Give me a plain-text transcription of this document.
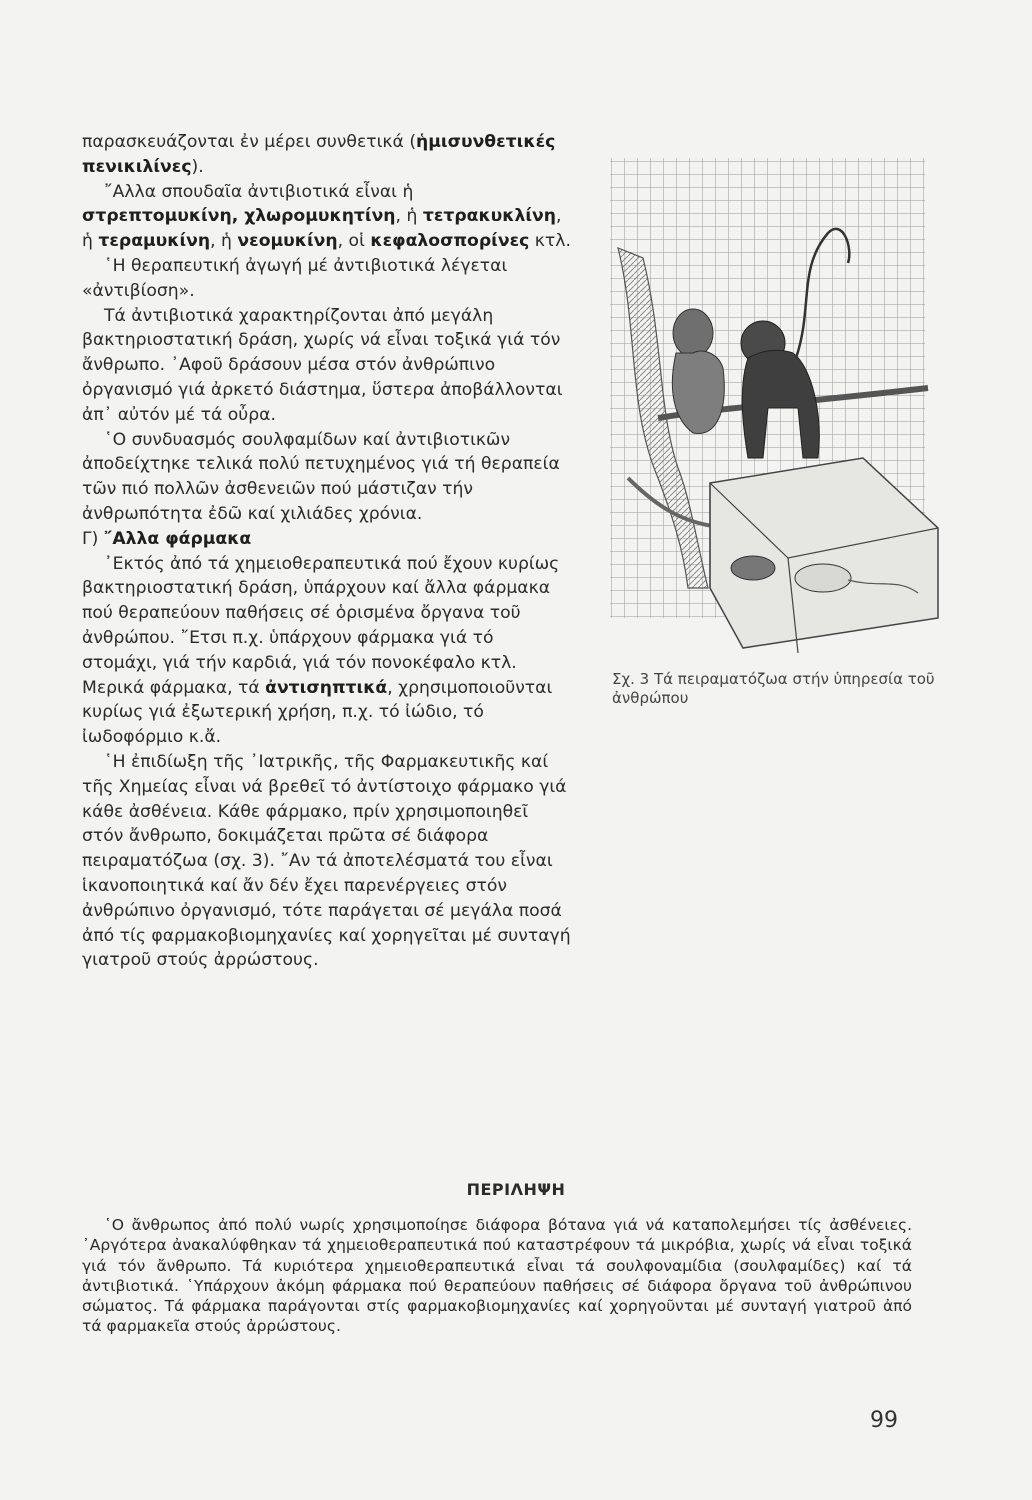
παρασκευάζονται ἐν μέρει συνθετικά (ἡμισυνθετικές πενικιλίνες).

῎Αλλα σπουδαῖα ἀντιβιοτικά εἶναι ἡ στρεπτομυκίνη, χλωρομυκητίνη, ἡ τετρακυκλίνη, ἡ τεραμυκίνη, ἡ νεομυκίνη, οἱ κεφαλοσπορίνες κτλ.

῾Η θεραπευτική ἀγωγή μέ ἀντιβιοτικά λέγεται «ἀντιβίοση».

Τά ἀντιβιοτικά χαρακτηρίζονται ἀπό μεγάλη βακτηριοστατική δράση, χωρίς νά εἶναι τοξικά γιά τόν ἄνθρωπο. ᾿Αφοῦ δράσουν μέσα στόν ἀνθρώπινο ὀργανισμό γιά ἀρκετό διάστημα, ὕστερα ἀποβάλλονται ἀπ᾿ αὐτόν μέ τά οὖρα.

῾Ο συνδυασμός σουλφαμίδων καί ἀντιβιοτικῶν ἀποδείχτηκε τελικά πολύ πετυχημένος γιά τή θεραπεία τῶν πιό πολλῶν ἀσθενειῶν πού μάστιζαν τήν ἀνθρωπότητα ἐδῶ καί χιλιάδες χρόνια.

Γ) ῎Αλλα φάρμακα

᾿Εκτός ἀπό τά χημειοθεραπευτικά πού ἔχουν κυρίως βακτηριοστατική δράση, ὑπάρχουν καί ἄλλα φάρμακα πού θεραπεύουν παθήσεις σέ ὁρισμένα ὄργανα τοῦ ἀνθρώπου. ῎Ετσι π.χ. ὑπάρχουν φάρμακα γιά τό στομάχι, γιά τήν καρδιά, γιά τόν πονοκέφαλο κτλ. Μερικά φάρμακα, τά ἀντισηπτικά, χρησιμοποιοῦνται κυρίως γιά ἐξωτερική χρήση, π.χ. τό ἰώδιο, τό ἰωδοφόρμιο κ.ἄ.

῾Η ἐπιδίωξη τῆς ᾿Ιατρικῆς, τῆς Φαρμακευτικῆς καί τῆς Χημείας εἶναι νά βρεθεῖ τό ἀντίστοιχο φάρμακο γιά κάθε ἀσθένεια. Κάθε φάρμακο, πρίν χρησιμοποιηθεῖ στόν ἄνθρωπο, δοκιμάζεται πρῶτα σέ διάφορα πειραματόζωα (σχ. 3). ῎Αν τά ἀποτελέσματά του εἶναι ἱκανοποιητικά καί ἄν δέν ἔχει παρενέργειες στόν ἀνθρώπινο ὀργανισμό, τότε παράγεται σέ μεγάλα ποσά ἀπό τίς φαρμακοβιομηχανίες καί χορηγεῖται μέ συνταγή γιατροῦ στούς ἀρρώστους.

Σχ. 3 Τά πειραματόζωα στήν ὑπηρεσία τοῦ ἀνθρώπου
ΠΕΡΙΛΗΨΗ

῾Ο ἄνθρωπος ἀπό πολύ νωρίς χρησιμοποίησε διάφορα βότανα γιά νά καταπολεμήσει τίς ἀσθένειες. ᾿Αργότερα ἀνακαλύφθηκαν τά χημειοθεραπευτικά πού καταστρέφουν τά μικρόβια, χωρίς νά εἶναι τοξικά γιά τόν ἄνθρωπο. Τά κυριότερα χημειοθεραπευτικά εἶναι τά σουλφοναμίδια (σουλφαμίδες) καί τά ἀντιβιοτικά. ῾Υπάρχουν ἀκόμη φάρμακα πού θεραπεύουν παθήσεις σέ διάφορα ὄργανα τοῦ ἀνθρώπινου σώματος. Τά φάρμακα παράγονται στίς φαρμακοβιομηχανίες καί χορηγοῦνται μέ συνταγή γιατροῦ ἀπό τά φαρμακεῖα στούς ἀρρώστους.

99
